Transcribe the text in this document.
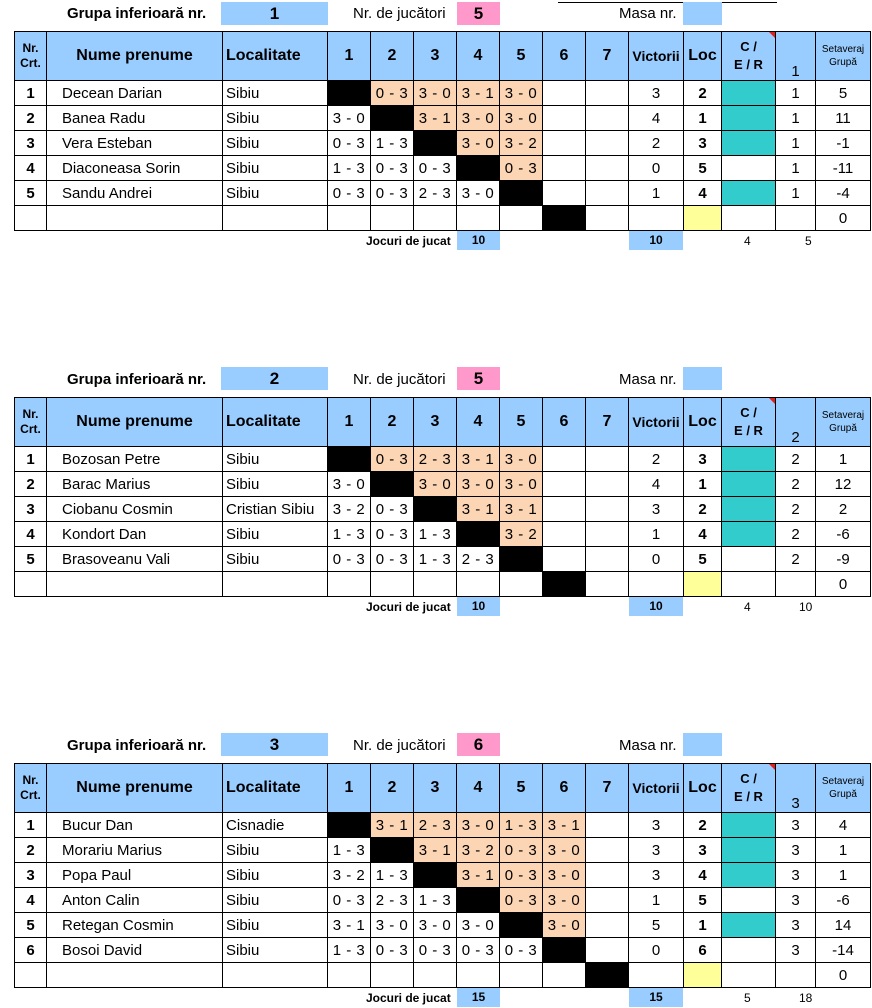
Grupa inferioară nr.	1	Nr. de jucători	5	Masa nr.
Nr.
Crt.	Nume prenume	Localitate	1	2	3	4	5	6	7	Victorii	Loc	C /
E / R	1	Setaveraj
Grupă
1	Decean Darian	Sibiu		0 - 3	3 - 0	3 - 1	3 - 0			3	2		1	5
2	Banea Radu	Sibiu	3 - 0		3 - 1	3 - 0	3 - 0			4	1		1	11
3	Vera Esteban	Sibiu	0 - 3	1 - 3		3 - 0	3 - 2			2	3		1	-1
4	Diaconeasa Sorin	Sibiu	1 - 3	0 - 3	0 - 3		0 - 3			0	5		1	-11
5	Sandu Andrei	Sibiu	0 - 3	0 - 3	2 - 3	3 - 0				1	4		1	-4
														0
Jocuri de jucat	10	10	4	5
Grupa inferioară nr.	2	Nr. de jucători	5	Masa nr.
Nr.
Crt.	Nume prenume	Localitate	1	2	3	4	5	6	7	Victorii	Loc	C /
E / R	2	Setaveraj
Grupă
1	Bozosan Petre	Sibiu		0 - 3	2 - 3	3 - 1	3 - 0			2	3		2	1
2	Barac Marius	Sibiu	3 - 0		3 - 0	3 - 0	3 - 0			4	1		2	12
3	Ciobanu Cosmin	Cristian Sibiu	3 - 2	0 - 3		3 - 1	3 - 1			3	2		2	2
4	Kondort Dan	Sibiu	1 - 3	0 - 3	1 - 3		3 - 2			1	4		2	-6
5	Brasoveanu Vali	Sibiu	0 - 3	0 - 3	1 - 3	2 - 3				0	5		2	-9
														0
Jocuri de jucat	10	10	4	10
Grupa inferioară nr.	3	Nr. de jucători	6	Masa nr.
Nr.
Crt.	Nume prenume	Localitate	1	2	3	4	5	6	7	Victorii	Loc	C /
E / R	3	Setaveraj
Grupă
1	Bucur Dan	Cisnadie		3 - 1	2 - 3	3 - 0	1 - 3	3 - 1		3	2		3	4
2	Morariu Marius	Sibiu	1 - 3		3 - 1	3 - 2	0 - 3	3 - 0		3	3		3	1
3	Popa Paul	Sibiu	3 - 2	1 - 3		3 - 1	0 - 3	3 - 0		3	4		3	1
4	Anton Calin	Sibiu	0 - 3	2 - 3	1 - 3		0 - 3	3 - 0		1	5		3	-6
5	Retegan Cosmin	Sibiu	3 - 1	3 - 0	3 - 0	3 - 0		3 - 0		5	1		3	14
6	Bosoi David	Sibiu	1 - 3	0 - 3	0 - 3	0 - 3	0 - 3			0	6		3	-14
														0
Jocuri de jucat	15	15	5	18
